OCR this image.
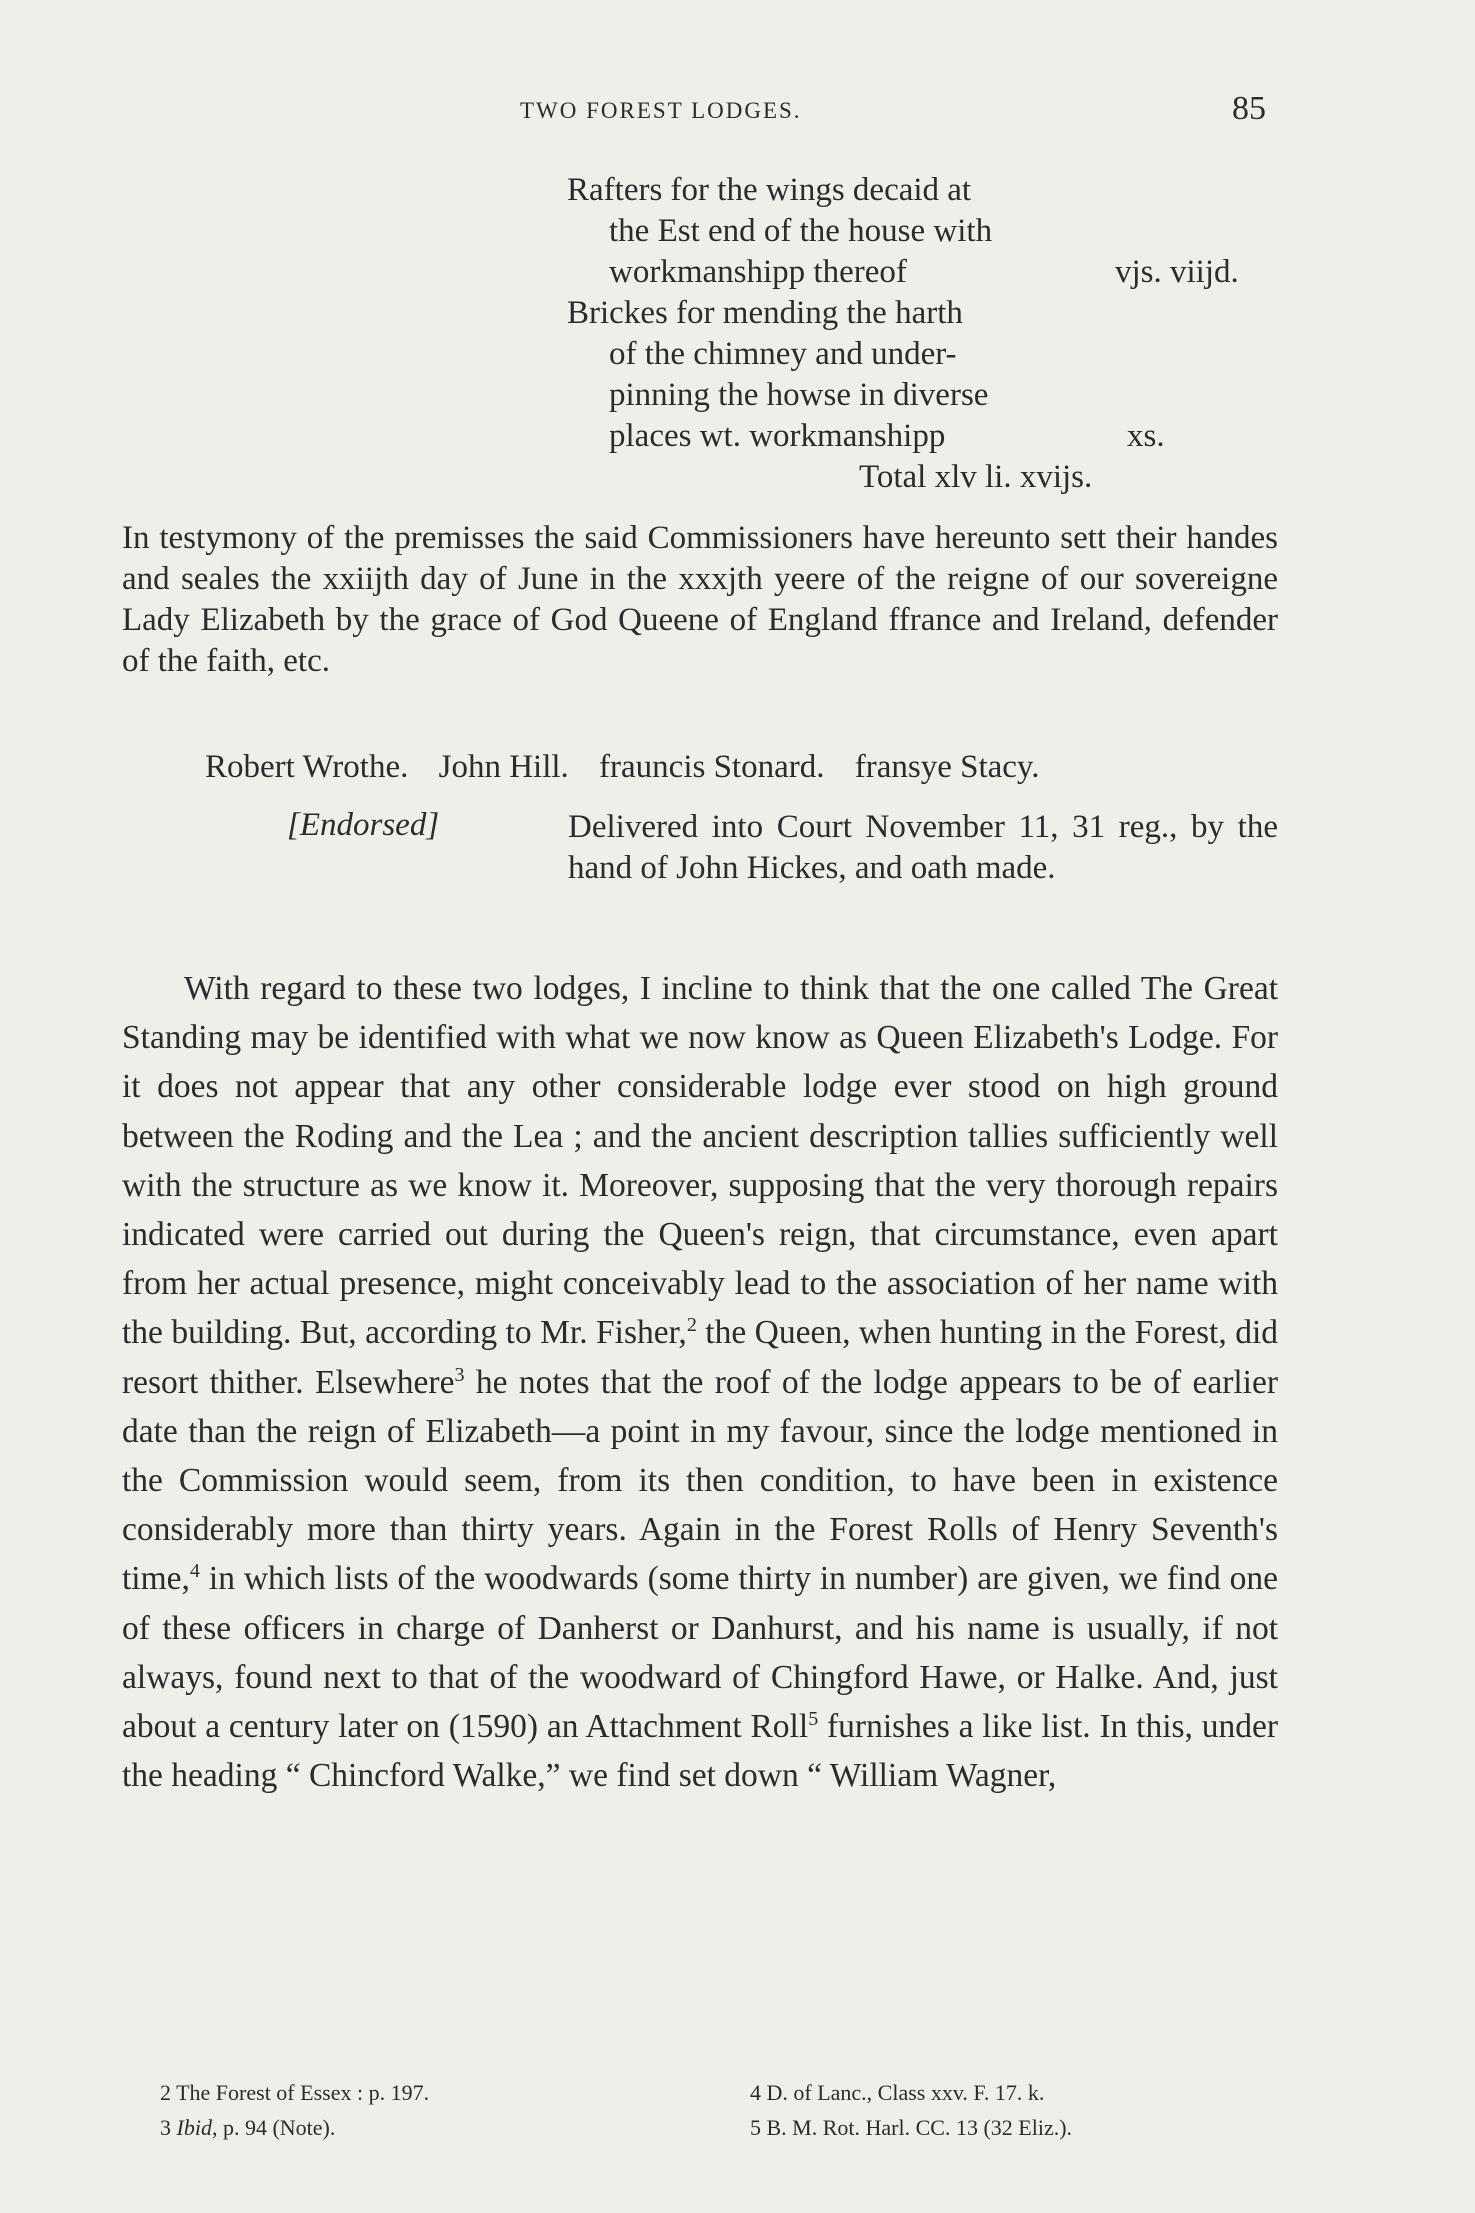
TWO FOREST LODGES.	85
Rafters for the wings decaid at
the Est end of the house with
workmanshipp thereof	vjs. viijd.
Brickes for mending the harth
of the chimney and under-
pinning the howse in diverse
places wt. workmanshipp	xs.
Total xlv li. xvijs.

In testymony of the premisses the said Commissioners have hereunto sett their handes and seales the xxiijth day of June in the xxxjth yeere of the reigne of our sovereigne Lady Elizabeth by the grace of God Queene of England ffrance and Ireland, defender of the faith, etc.

Robert Wrothe. John Hill. frauncis Stonard. fransye Stacy.
[Endorsed]	Delivered into Court November 11, 31 reg., by the hand of John Hickes, and oath made.

With regard to these two lodges, I incline to think that the one called The Great Standing may be identified with what we now know as Queen Elizabeth's Lodge. For it does not appear that any other considerable lodge ever stood on high ground between the Roding and the Lea ; and the ancient description tallies sufficiently well with the structure as we know it. Moreover, supposing that the very thorough repairs indicated were carried out during the Queen's reign, that circumstance, even apart from her actual presence, might conceivably lead to the association of her name with the building. But, according to Mr. Fisher,$^2$ the Queen, when hunting in the Forest, did resort thither. Elsewhere$^3$ he notes that the roof of the lodge appears to be of earlier date than the reign of Elizabeth—a point in my favour, since the lodge mentioned in the Commission would seem, from its then condition, to have been in existence considerably more than thirty years. Again in the Forest Rolls of Henry Seventh's time,$^4$ in which lists of the woodwards (some thirty in number) are given, we find one of these officers in charge of Danherst or Danhurst, and his name is usually, if not always, found next to that of the woodward of Chingford Hawe, or Halke. And, just about a century later on (1590) an Attachment Roll$^5$ furnishes a like list. In this, under the heading “ Chincford Walke,” we find set down “ William Wagner,

2 The Forest of Essex : p. 197.
3 Ibid, p. 94 (Note).
4 D. of Lanc., Class xxv. F. 17. k.
5 B. M. Rot. Harl. CC. 13 (32 Eliz.).
